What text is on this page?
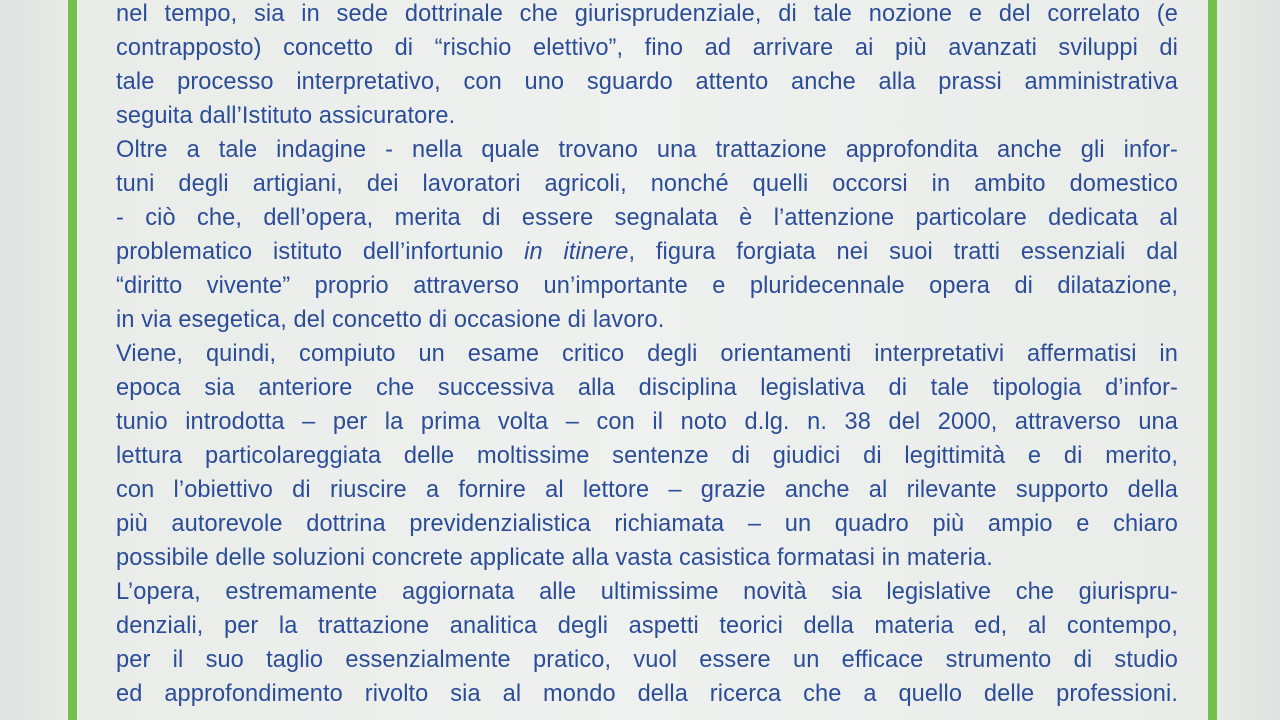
nel tempo, sia in sede dottrinale che giurisprudenziale, di tale nozione e del correlato (e
contrapposto) concetto di “rischio elettivo”, fino ad arrivare ai più avanzati sviluppi di
tale processo interpretativo, con uno sguardo attento anche alla prassi amministrativa
seguita dall’Istituto assicuratore.
Oltre a tale indagine - nella quale trovano una trattazione approfondita anche gli infor-
tuni degli artigiani, dei lavoratori agricoli, nonché quelli occorsi in ambito domestico
- ciò che, dell’opera, merita di essere segnalata è l’attenzione particolare dedicata al
problematico istituto dell’infortunio in itinere, figura forgiata nei suoi tratti essenziali dal
“diritto vivente” proprio attraverso un’importante e pluridecennale opera di dilatazione,
in via esegetica, del concetto di occasione di lavoro.
Viene, quindi, compiuto un esame critico degli orientamenti interpretativi affermatisi in
epoca sia anteriore che successiva alla disciplina legislativa di tale tipologia d’infor-
tunio introdotta – per la prima volta – con il noto d.lg. n. 38 del 2000, attraverso una
lettura particolareggiata delle moltissime sentenze di giudici di legittimità e di merito,
con l’obiettivo di riuscire a fornire al lettore – grazie anche al rilevante supporto della
più autorevole dottrina previdenzialistica richiamata – un quadro più ampio e chiaro
possibile delle soluzioni concrete applicate alla vasta casistica formatasi in materia.
L’opera, estremamente aggiornata alle ultimissime novità sia legislative che giurispru-
denziali, per la trattazione analitica degli aspetti teorici della materia ed, al contempo,
per il suo taglio essenzialmente pratico, vuol essere un efficace strumento di studio
ed approfondimento rivolto sia al mondo della ricerca che a quello delle professioni.
